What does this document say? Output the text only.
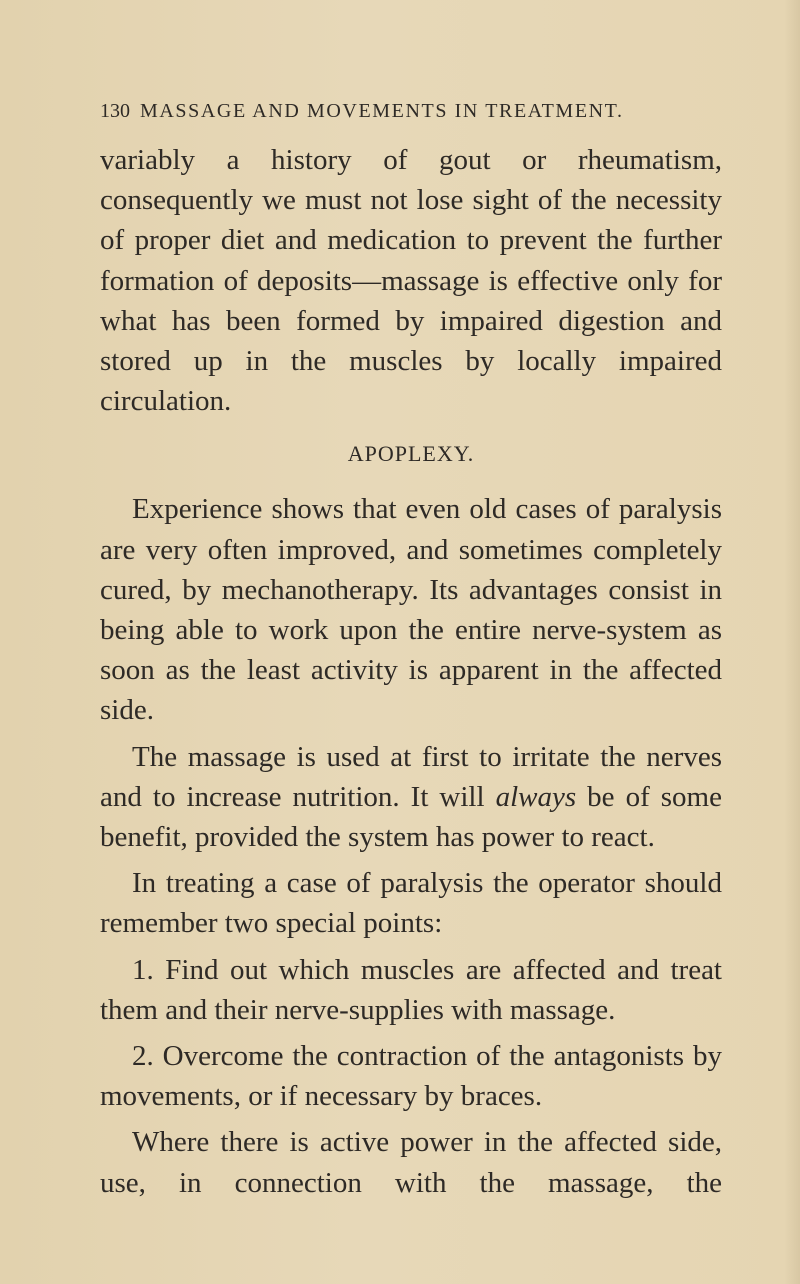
130 MASSAGE AND MOVEMENTS IN TREATMENT.

variably a history of gout or rheumatism, consequently we must not lose sight of the necessity of proper diet and medication to prevent the further formation of deposits—massage is effective only for what has been formed by impaired digestion and stored up in the muscles by locally impaired circulation.

APOPLEXY.

Experience shows that even old cases of paralysis are very often improved, and sometimes completely cured, by mechanotherapy. Its advantages consist in being able to work upon the entire nerve-system as soon as the least activity is apparent in the affected side.

The massage is used at first to irritate the nerves and to increase nutrition. It will always be of some benefit, provided the system has power to react.

In treating a case of paralysis the operator should remember two special points:

1. Find out which muscles are affected and treat them and their nerve-supplies with massage.

2. Overcome the contraction of the antagonists by movements, or if necessary by braces.

Where there is active power in the affected side, use, in connection with the massage, the
